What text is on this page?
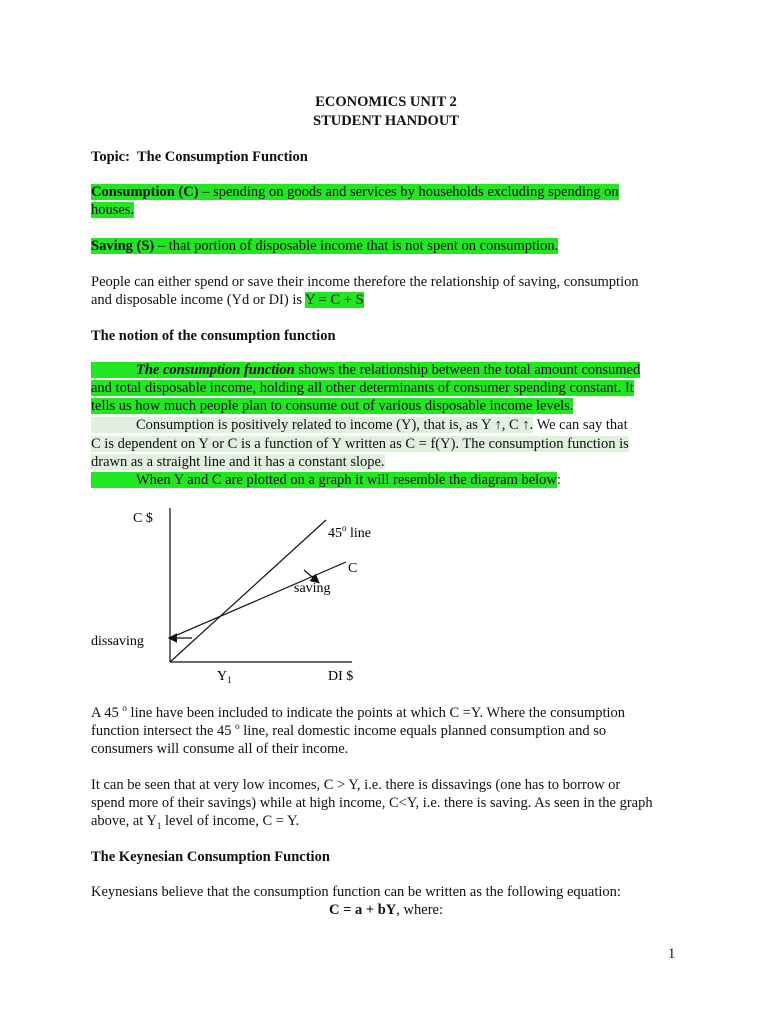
ECONOMICS UNIT 2
STUDENT HANDOUT
Topic: The Consumption Function
Consumption (C) – spending on goods and services by households excluding spending on
houses.
Saving (S) – that portion of disposable income that is not spent on consumption.
People can either spend or save their income therefore the relationship of saving, consumption
and disposable income (Yd or DI) is Y = C + S
The notion of the consumption function
The consumption function shows the relationship between the total amount consumed
and total disposable income, holding all other determinants of consumer spending constant. It
tells us how much people plan to consume out of various disposable income levels.
Consumption is positively related to income (Y), that is, as Y ↑, C ↑. We can say that
C is dependent on Y or C is a function of Y written as C = f(Y). The consumption function is
drawn as a straight line and it has a constant slope.
When Y and C are plotted on a graph it will resemble the diagram below:
C $
45$^o$ line
C
saving
dissaving
$Y_1$	DI $
A 45 $^o$ line have been included to indicate the points at which C =Y. Where the consumption
function intersect the 45 $^o$ line, real domestic income equals planned consumption and so
consumers will consume all of their income.
It can be seen that at very low incomes, C > Y, i.e. there is dissavings (one has to borrow or
spend more of their savings) while at high income, C<Y, i.e. there is saving. As seen in the graph
above, at $Y_1$ level of income, C = Y.
The Keynesian Consumption Function
Keynesians believe that the consumption function can be written as the following equation:
C = a + bY, where:
1
